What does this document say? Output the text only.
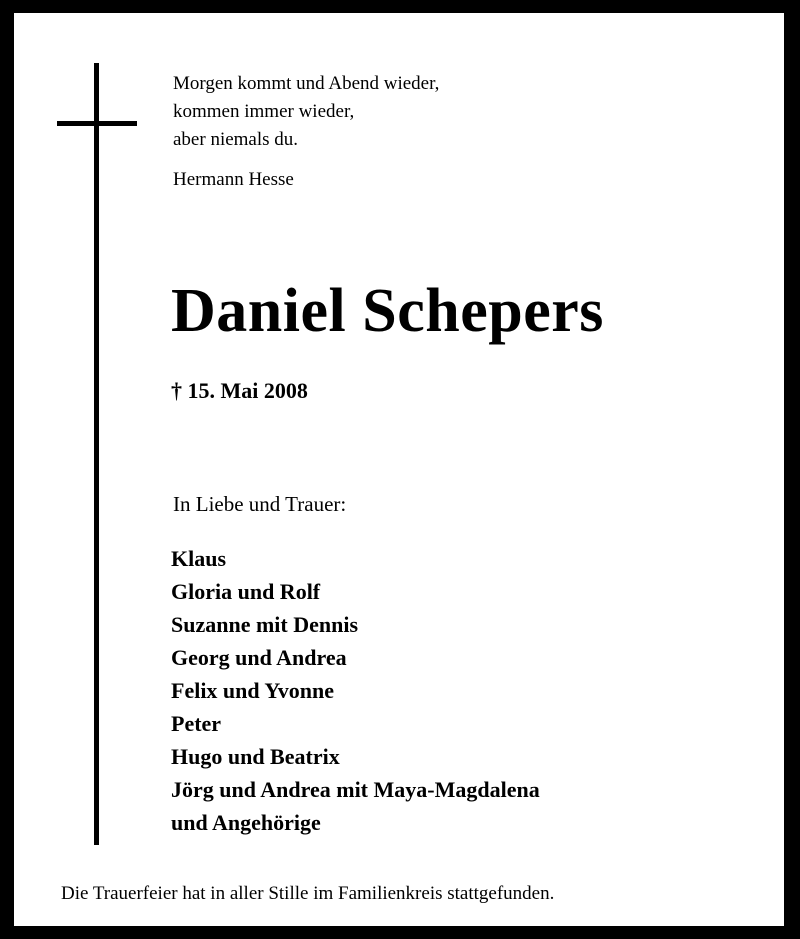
Morgen kommt und Abend wieder,
kommen immer wieder,
aber niemals du.
Hermann Hesse
Daniel Schepers
† 15. Mai 2008
In Liebe und Trauer:
Klaus
Gloria und Rolf
Suzanne mit Dennis
Georg und Andrea
Felix und Yvonne
Peter
Hugo und Beatrix
Jörg und Andrea mit Maya-Magdalena
und Angehörige
Die Trauerfeier hat in aller Stille im Familienkreis stattgefunden.
